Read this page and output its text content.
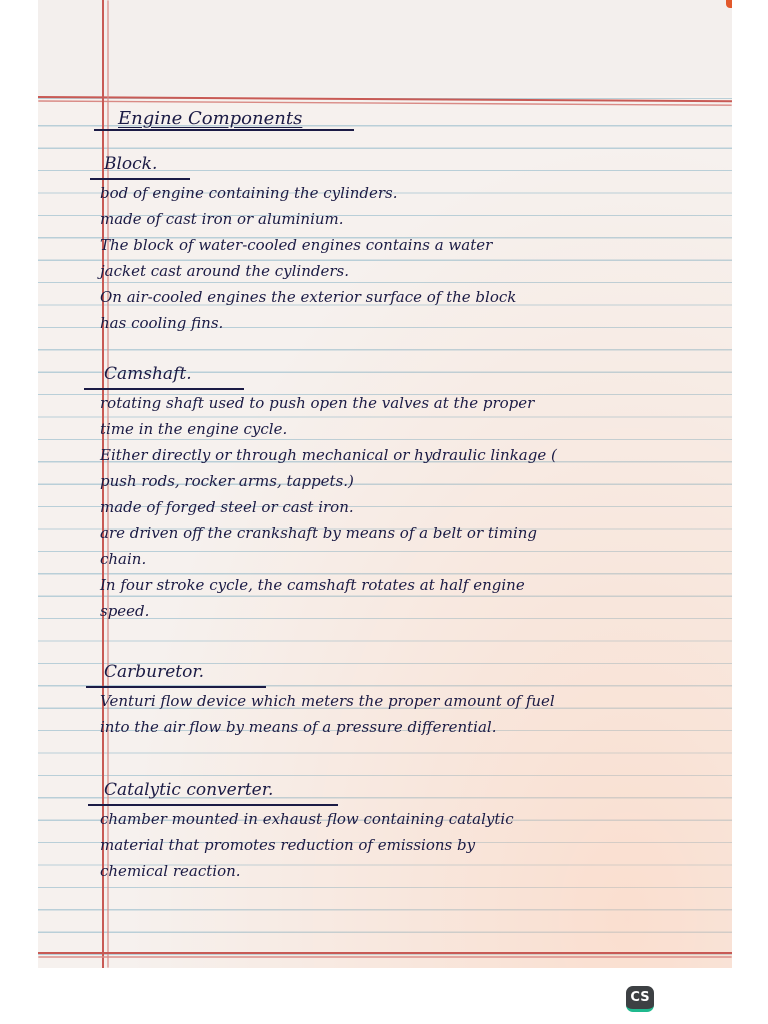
Engine Components
Block.
bod of engine containing the cylinders.
made of cast iron or aluminium.
The block of water-cooled engines contains a water
jacket cast around the cylinders.
On air-cooled engines the exterior surface of the block
has cooling fins.
Camshaft.
rotating shaft used to push open the valves at the proper
time in the engine cycle.
Either directly or through mechanical or hydraulic linkage (
push rods, rocker arms, tappets.)
made of forged steel or cast iron.
are driven off the crankshaft by means of a belt or timing
chain.
In four stroke cycle, the camshaft rotates at half engine
speed.
Carburetor.
Venturi flow device which meters the proper amount of fuel
into the air flow by means of a pressure differential.
Catalytic converter.
chamber mounted in exhaust flow containing catalytic
material that promotes reduction of emissions by
chemical reaction.
CS
